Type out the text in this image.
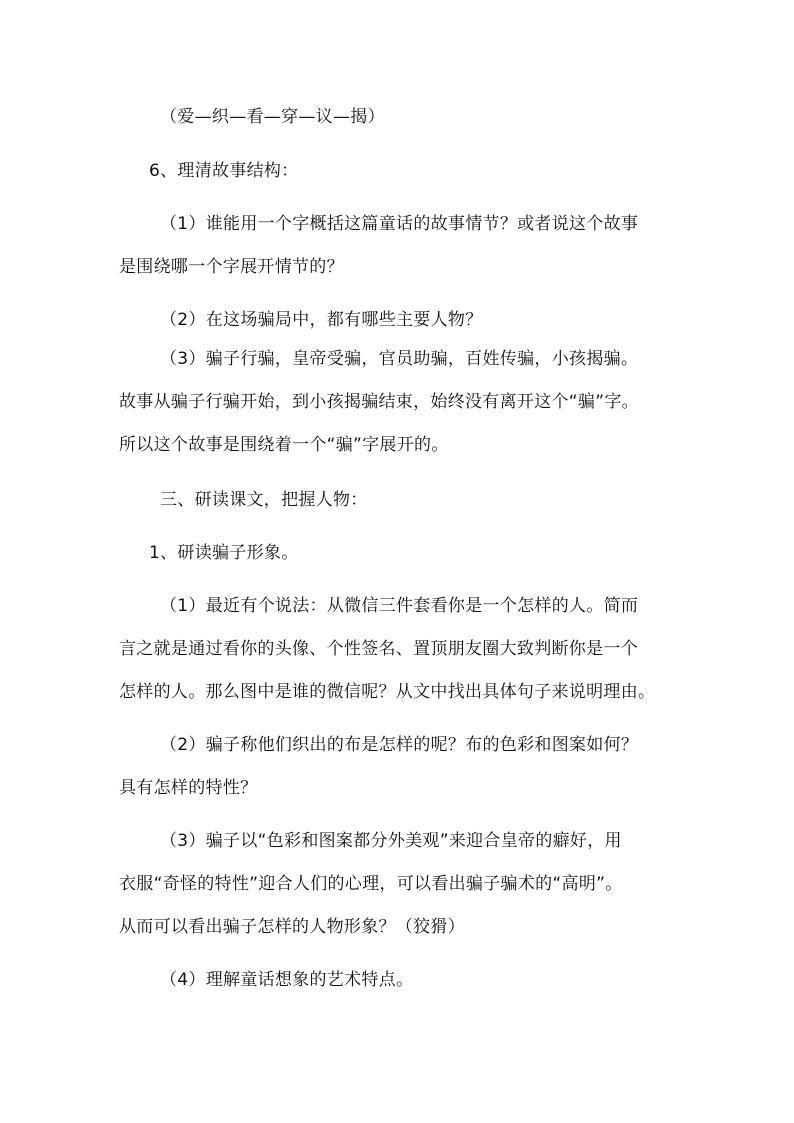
（爱—织—看—穿—议—揭）
6、理清故事结构：
（1）谁能用一个字概括这篇童话的故事情节？或者说这个故事
是围绕哪一个字展开情节的？
（2）在这场骗局中，都有哪些主要人物？
（3）骗子行骗，皇帝受骗，官员助骗，百姓传骗，小孩揭骗。
故事从骗子行骗开始，到小孩揭骗结束，始终没有离开这个“骗”字。
所以这个故事是围绕着一个“骗”字展开的。
三、研读课文，把握人物：
1、研读骗子形象。
（1）最近有个说法：从微信三件套看你是一个怎样的人。简而
言之就是通过看你的头像、个性签名、置顶朋友圈大致判断你是一个
怎样的人。那么图中是谁的微信呢？从文中找出具体句子来说明理由。
（2）骗子称他们织出的布是怎样的呢？布的色彩和图案如何？
具有怎样的特性？
（3）骗子以“色彩和图案都分外美观”来迎合皇帝的癖好，用
衣服“奇怪的特性”迎合人们的心理，可以看出骗子骗术的“高明”。
从而可以看出骗子怎样的人物形象？（狡猾）
（4）理解童话想象的艺术特点。
